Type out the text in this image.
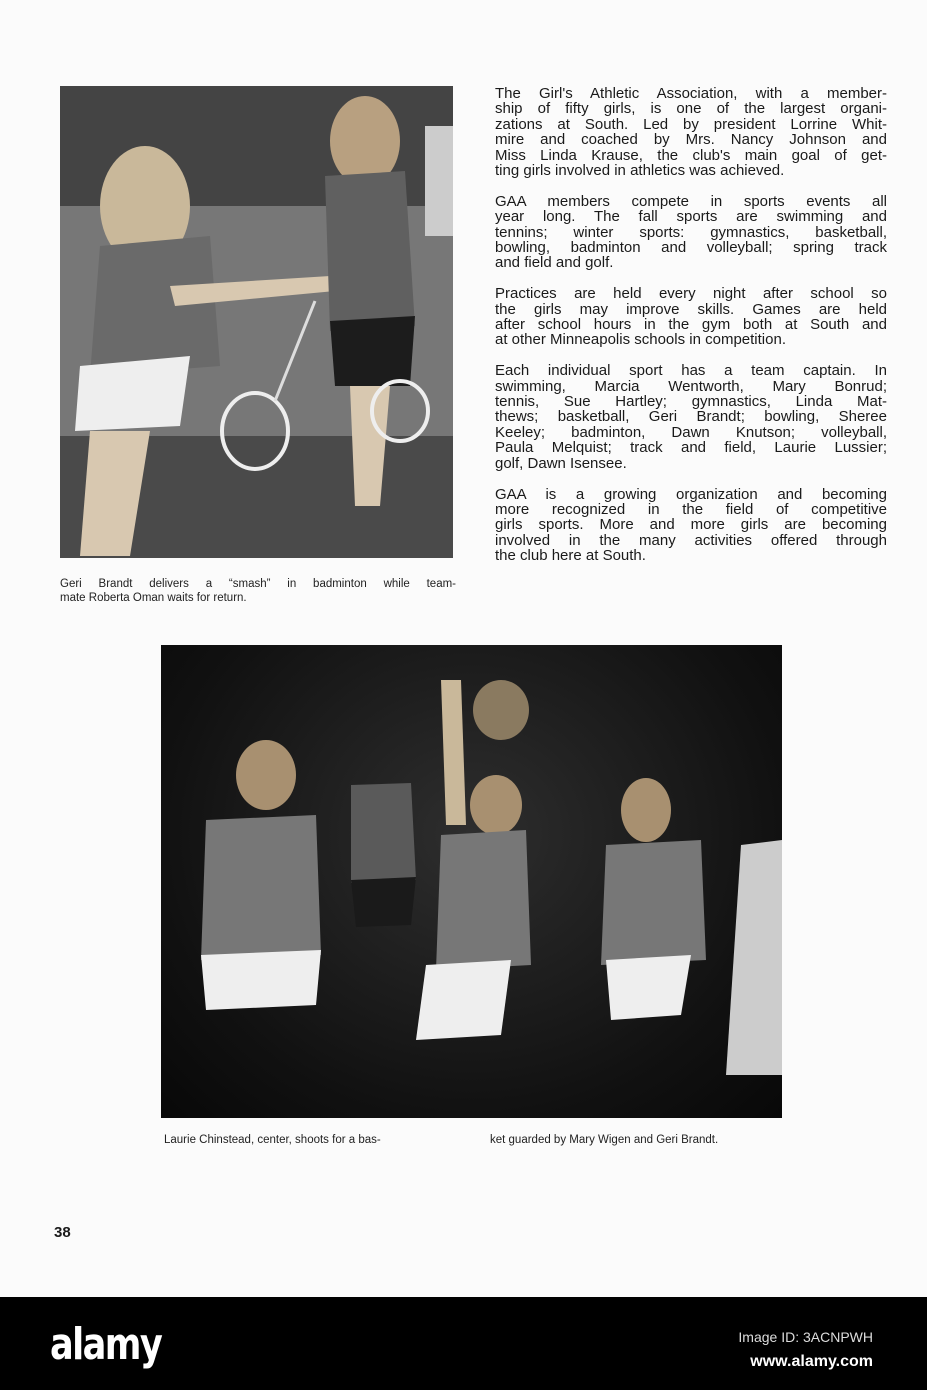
Geri Brandt delivers a “smash” in badminton while team-
mate Roberta Oman waits for return.

The Girl's Athletic Association, with a member-
ship of fifty girls, is one of the largest organi-
zations at South. Led by president Lorrine Whit-
mire and coached by Mrs. Nancy Johnson and
Miss Linda Krause, the club's main goal of get-
ting girls involved in athletics was achieved.

GAA members compete in sports events all
year long. The fall sports are swimming and
tennins; winter sports: gymnastics, basketball,
bowling, badminton and volleyball; spring track
and field and golf.

Practices are held every night after school so
the girls may improve skills. Games are held
after school hours in the gym both at South and
at other Minneapolis schools in competition.

Each individual sport has a team captain. In
swimming, Marcia Wentworth, Mary Bonrud;
tennis, Sue Hartley; gymnastics, Linda Mat-
thews; basketball, Geri Brandt; bowling, Sheree
Keeley; badminton, Dawn Knutson; volleyball,
Paula Melquist; track and field, Laurie Lussier;
golf, Dawn Isensee.

GAA is a growing organization and becoming
more recognized in the field of competitive
girls sports. More and more girls are becoming
involved in the many activities offered through
the club here at South.

Laurie Chinstead, center, shoots for a bas-	ket guarded by Mary Wigen and Geri Brandt.
38
alamy	Image ID: 3ACNPWH
www.alamy.com
